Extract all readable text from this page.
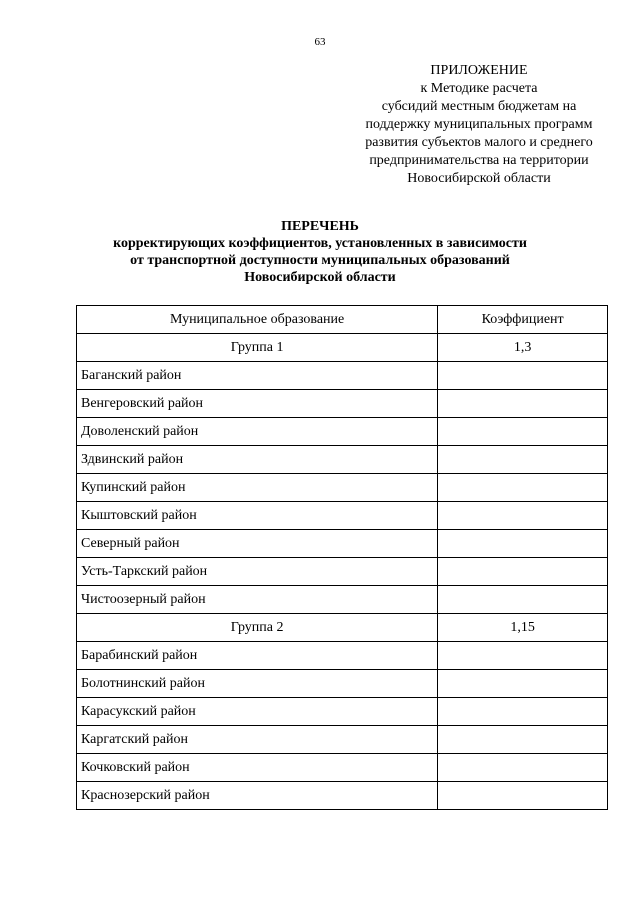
63
ПРИЛОЖЕНИЕ
к Методике расчета
субсидий местным бюджетам на
поддержку муниципальных программ
развития субъектов малого и среднего
предпринимательства на территории
Новосибирской области
ПЕРЕЧЕНЬ
корректирующих коэффициентов, установленных в зависимости
от транспортной доступности муниципальных образований
Новосибирской области
Муниципальное образование	Коэффициент
Группа 1	1,3
Баганский район	
Венгеровский район	
Доволенский район	
Здвинский район	
Купинский район	
Кыштовский район	
Северный район	
Усть-Таркский район	
Чистоозерный район	
Группа 2	1,15
Барабинский район	
Болотнинский район	
Карасукский район	
Каргатский район	
Кочковский район	
Краснозерский район	
